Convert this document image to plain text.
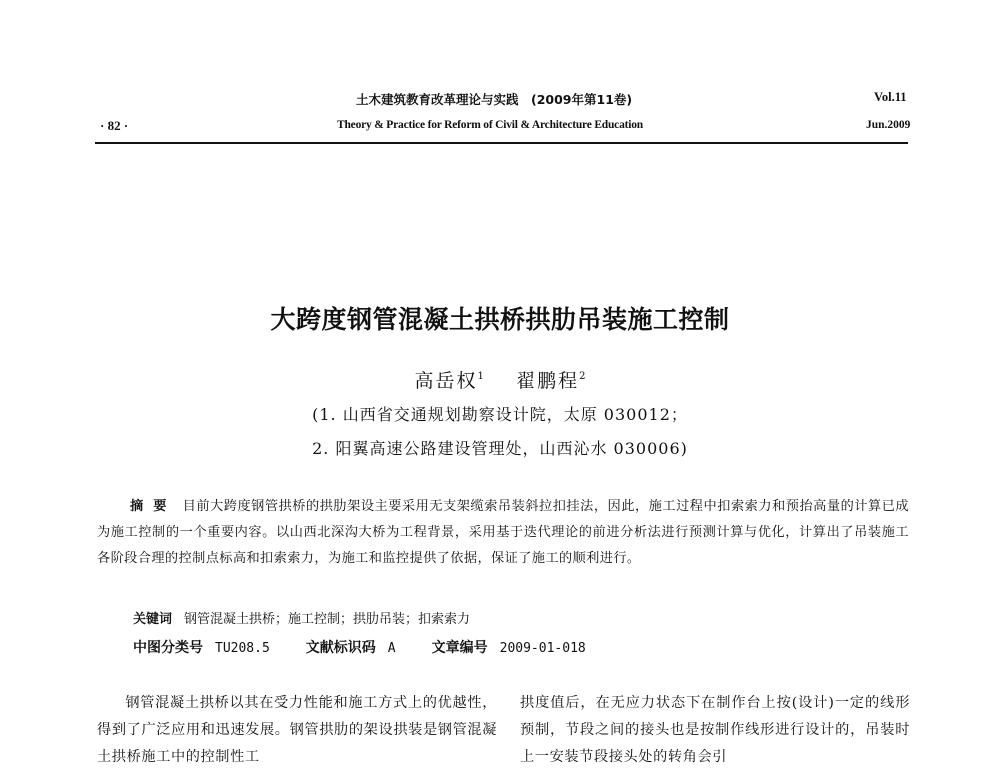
土木建筑教育改革理论与实践　(2009年第11卷)	Vol.11
· 82 ·	Theory & Practice for Reform of Civil & Architecture Education	Jun.2009
大跨度钢管混凝土拱桥拱肋吊装施工控制
高岳权$^1$ 翟鹏程$^2$
(1. 山西省交通规划勘察设计院，太原 030012；
2. 阳翼高速公路建设管理处，山西沁水 030006)
摘要 目前大跨度钢管拱桥的拱肋架设主要采用无支架缆索吊装斜拉扣挂法，因此，施工过程中扣索索力和预抬高量的计算已成为施工控制的一个重要内容。以山西北深沟大桥为工程背景，采用基于迭代理论的前进分析法进行预测计算与优化，计算出了吊装施工各阶段合理的控制点标高和扣索索力，为施工和监控提供了依据，保证了施工的顺利进行。
关键词 钢管混凝土拱桥；施工控制；拱肋吊装；扣索索力
中图分类号 TU208.5	文献标识码 A	文章编号 2009-01-018
钢管混凝土拱桥以其在受力性能和施工方式上的优越性，得到了广泛应用和迅速发展。钢管拱肋的架设拱装是钢管混凝土拱桥施工中的控制性工
拱度值后，在无应力状态下在制作台上按(设计)一定的线形预制，节段之间的接头也是按制作线形进行设计的，吊装时上一安装节段接头处的转角会引
